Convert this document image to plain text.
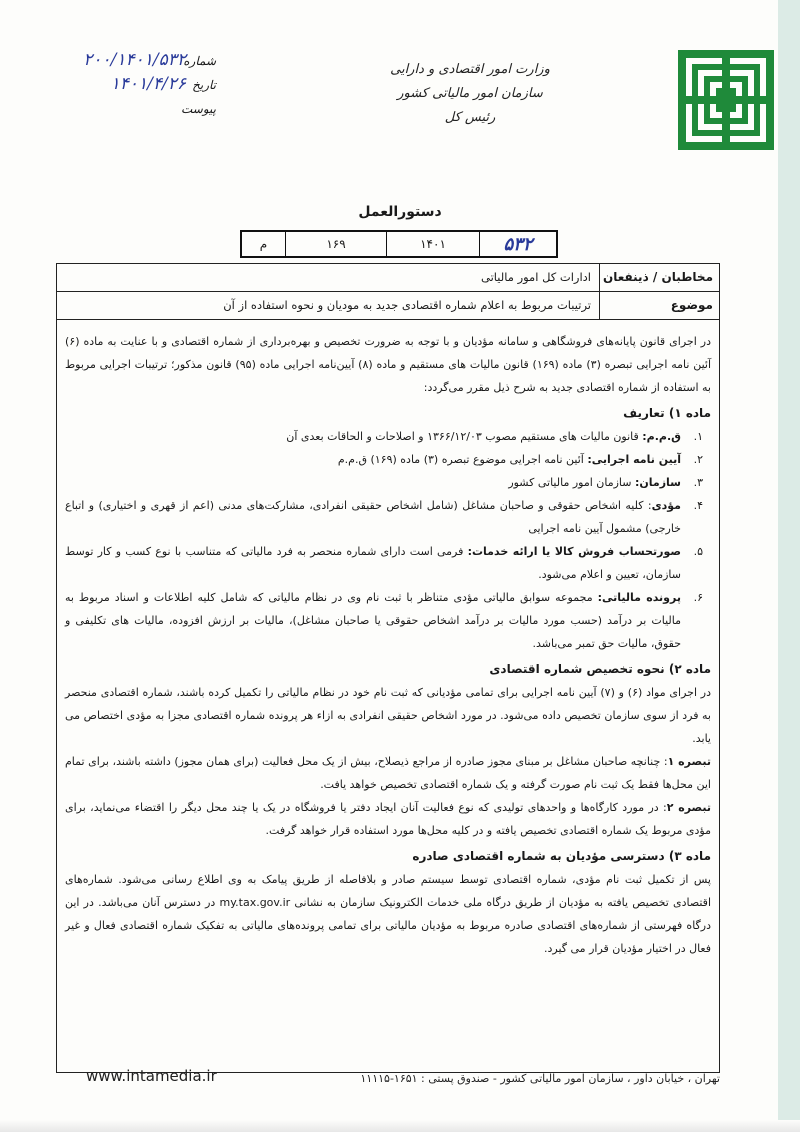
وزارت امور اقتصادی و دارایی
سازمان امور مالیاتی کشور
رئیس کل
شماره
۲۰۰/۱۴۰۱/۵۳۲
تاریخ
۱۴۰۱/۴/۲۶
پیوست
دستورالعمل
۵۳۲
۱۴۰۱
۱۶۹
م
مخاطبان / ذینفعان
ادارات کل امور مالیاتی
موضوع
ترتیبات مربوط به اعلام شماره اقتصادی جدید به مودیان و نحوه استفاده از آن

در اجرای قانون پایانه‌های فروشگاهی و سامانه مؤدیان و با توجه به ضرورت تخصیص و بهره‌برداری از شماره اقتصادی و با عنایت به ماده (۶) آئین نامه اجرایی تبصره (۳) ماده (۱۶۹) قانون مالیات های مستقیم و ماده (۸) آیین‌نامه اجرایی ماده (۹۵) قانون مذکور؛ ترتیبات اجرایی مربوط به استفاده از شماره اقتصادی جدید به شرح ذیل مقرر می‌گردد:

ماده ۱) تعاریف

۱.
ق.م.م: قانون مالیات های مستقیم مصوب ۱۳۶۶/۱۲/۰۳ و اصلاحات و الحاقات بعدی آن
۲.
آیین نامه اجرایی: آئین نامه اجرایی موضوع تبصره (۳) ماده (۱۶۹) ق.م.م
۳.
سازمان: سازمان امور مالیاتی کشور
۴.
مؤدی: کلیه اشخاص حقوقی و صاحبان مشاغل (شامل اشخاص حقیقی انفرادی، مشارکت‌های مدنی (اعم از قهری و اختیاری) و اتباع خارجی) مشمول آیین نامه اجرایی
۵.
صورتحساب فروش کالا یا ارائه خدمات: فرمی است دارای شماره منحصر به فرد مالیاتی که متناسب با نوع کسب و کار توسط سازمان، تعیین و اعلام می‌شود.
۶.
پرونده مالیاتی: مجموعه سوابق مالیاتی مؤدی متناظر با ثبت نام وی در نظام مالیاتی که شامل کلیه اطلاعات و اسناد مربوط به مالیات بر درآمد (حسب مورد مالیات بر درآمد اشخاص حقوقی یا صاحبان مشاغل)، مالیات بر ارزش افزوده، مالیات های تکلیفی و حقوق، مالیات حق تمبر می‌باشد.

ماده ۲) نحوه تخصیص شماره اقتصادی

در اجرای مواد (۶) و (۷) آیین نامه اجرایی برای تمامی مؤدیانی که ثبت نام خود در نظام مالیاتی را تکمیل کرده باشند، شماره اقتصادی منحصر به فرد از سوی سازمان تخصیص داده می‌شود. در مورد اشخاص حقیقی انفرادی به ازاء هر پرونده شماره اقتصادی مجزا به مؤدی اختصاص می یابد.

تبصره ۱: چنانچه صاحبان مشاغل بر مبنای مجوز صادره از مراجع ذیصلاح، بیش از یک محل فعالیت (برای همان مجوز) داشته باشند، برای تمام این محل‌ها فقط یک ثبت نام صورت گرفته و یک شماره اقتصادی تخصیص خواهد یافت.

تبصره ۲: در مورد کارگاه‌ها و واحدهای تولیدی که نوع فعالیت آنان ایجاد دفتر یا فروشگاه در یک یا چند محل دیگر را اقتضاء می‌نماید، برای مؤدی مربوط یک شماره اقتصادی تخصیص یافته و در کلیه محل‌ها مورد استفاده قرار خواهد گرفت.

ماده ۳) دسترسی مؤدیان به شماره اقتصادی صادره

پس از تکمیل ثبت نام مؤدی، شماره اقتصادی توسط سیستم صادر و بلافاصله از طریق پیامک به وی اطلاع رسانی می‌شود. شماره‌های اقتصادی تخصیص یافته به مؤدیان از طریق درگاه ملی خدمات الکترونیک سازمان به نشانی my.tax.gov.ir در دسترس آنان می‌باشد. در این درگاه فهرستی از شماره‌های اقتصادی صادره مربوط به مؤدیان مالیاتی برای تمامی پرونده‌های مالیاتی به تفکیک شماره اقتصادی فعال و غیر فعال در اختیار مؤدیان قرار می گیرد.

www.intamedia.ir	تهران ، خیابان داور ، سازمان امور مالیاتی کشور - صندوق پستی : ۱۶۵۱-۱۱۱۱۵
